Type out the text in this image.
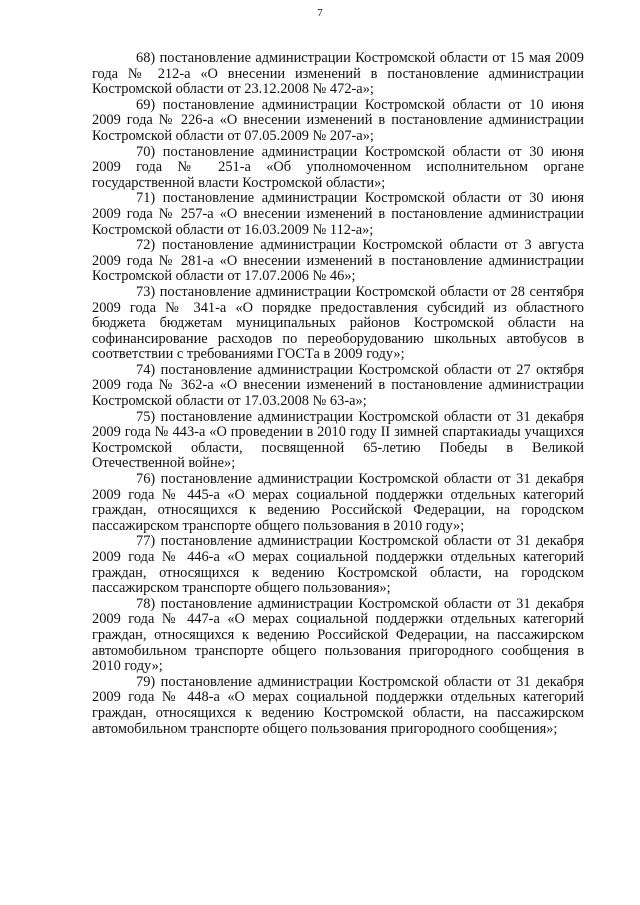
7

68) постановление администрации Костромской области от 15 мая 2009 года № 212-а «О внесении изменений в постановление администрации Костромской области от 23.12.2008 № 472-а»;

69) постановление администрации Костромской области от 10 июня 2009 года № 226-а «О внесении изменений в постановление администрации Костромской области от 07.05.2009 № 207-а»;

70) постановление администрации Костромской области от 30 июня 2009 года № 251-а «Об уполномоченном исполнительном органе государственной власти Костромской области»;

71) постановление администрации Костромской области от 30 июня 2009 года № 257-а «О внесении изменений в постановление администрации Костромской области от 16.03.2009 № 112-а»;

72) постановление администрации Костромской области от 3 августа 2009 года № 281-а «О внесении изменений в постановление администрации Костромской области от 17.07.2006 № 46»;

73) постановление администрации Костромской области от 28 сентября 2009 года № 341-а «О порядке предоставления субсидий из областного бюджета бюджетам муниципальных районов Костромской области на софинансирование расходов по переоборудованию школьных автобусов в соответствии с требованиями ГОСТа в 2009 году»;

74) постановление администрации Костромской области от 27 октября 2009 года № 362-а «О внесении изменений в постановление администрации Костромской области от 17.03.2008 № 63-а»;

75) постановление администрации Костромской области от 31 декабря 2009 года № 443-а «О проведении в 2010 году II зимней спартакиады учащихся Костромской области, посвященной 65-летию Победы в Великой Отечественной войне»;

76) постановление администрации Костромской области от 31 декабря 2009 года № 445-а «О мерах социальной поддержки отдельных категорий граждан, относящихся к ведению Российской Федерации, на городском пассажирском транспорте общего пользования в 2010 году»;

77) постановление администрации Костромской области от 31 декабря 2009 года № 446-а «О мерах социальной поддержки отдельных категорий граждан, относящихся к ведению Костромской области, на городском пассажирском транспорте общего пользования»;

78) постановление администрации Костромской области от 31 декабря 2009 года № 447-а «О мерах социальной поддержки отдельных категорий граждан, относящихся к ведению Российской Федерации, на пассажирском автомобильном транспорте общего пользования пригородного сообщения в 2010 году»;

79) постановление администрации Костромской области от 31 декабря 2009 года № 448-а «О мерах социальной поддержки отдельных категорий граждан, относящихся к ведению Костромской области, на пассажирском автомобильном транспорте общего пользования пригородного сообщения»;
